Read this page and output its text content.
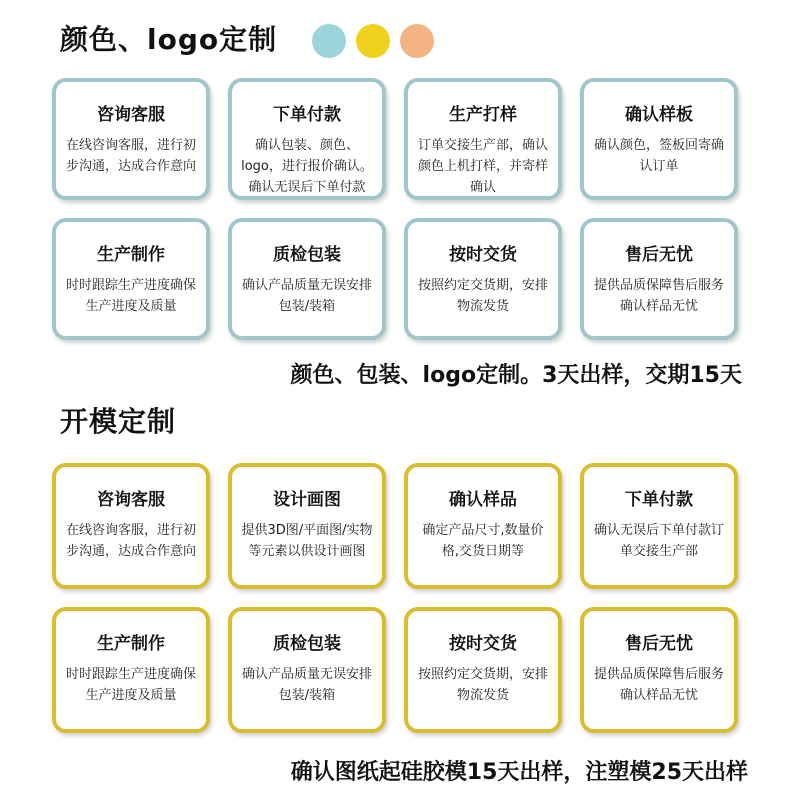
颜色、logo定制
咨询客服
在线咨询客服，进行初步沟通，达成合作意向
下单付款
确认包装、颜色、logo，进行报价确认。确认无误后下单付款
生产打样
订单交接生产部，确认颜色上机打样，并寄样确认
确认样板
确认颜色，签板回寄确认订单
生产制作
时时跟踪生产进度确保生产进度及质量
质检包装
确认产品质量无误安排包装/装箱
按时交货
按照约定交货期，安排物流发货
售后无忧
提供品质保障售后服务确认样品无忧
颜色、包装、logo定制。3天出样，交期15天
开模定制
咨询客服
在线咨询客服，进行初步沟通，达成合作意向
设计画图
提供3D图/平面图/实物等元素以供设计画图
确认样品
确定产品尺寸,数量价格,交货日期等
下单付款
确认无误后下单付款订单交接生产部
生产制作
时时跟踪生产进度确保生产进度及质量
质检包装
确认产品质量无误安排包装/装箱
按时交货
按照约定交货期，安排物流发货
售后无忧
提供品质保障售后服务确认样品无忧
确认图纸起硅胶模15天出样，注塑模25天出样
